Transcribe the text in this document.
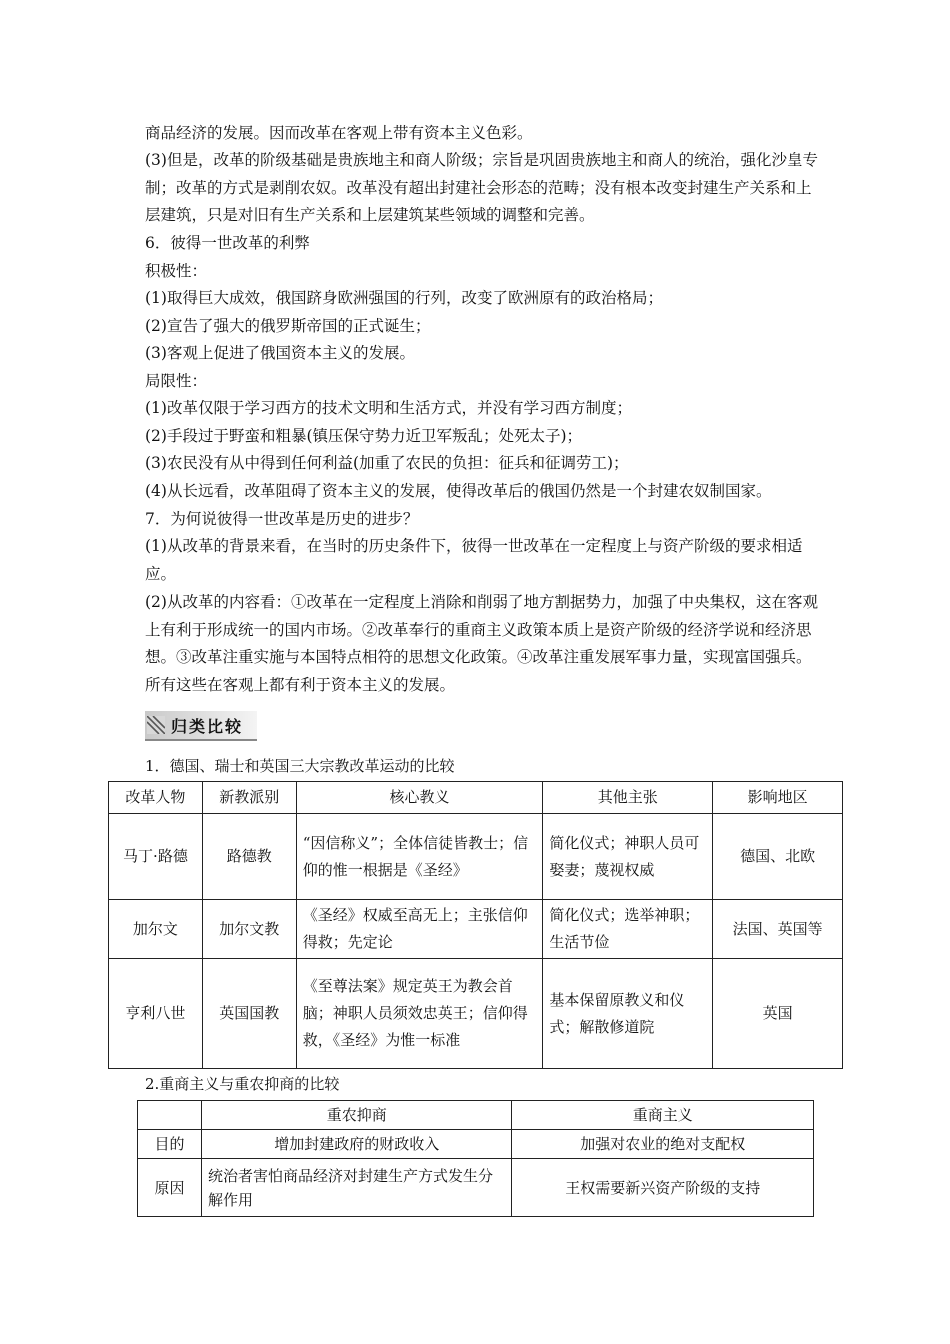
商品经济的发展。因而改革在客观上带有资本主义色彩。

(3)但是，改革的阶级基础是贵族地主和商人阶级；宗旨是巩固贵族地主和商人的统治，强化沙皇专制；改革的方式是剥削农奴。改革没有超出封建社会形态的范畴；没有根本改变封建生产关系和上层建筑，只是对旧有生产关系和上层建筑某些领域的调整和完善。

6．彼得一世改革的利弊

积极性：

(1)取得巨大成效，俄国跻身欧洲强国的行列，改变了欧洲原有的政治格局；

(2)宣告了强大的俄罗斯帝国的正式诞生；

(3)客观上促进了俄国资本主义的发展。

局限性：

(1)改革仅限于学习西方的技术文明和生活方式，并没有学习西方制度；

(2)手段过于野蛮和粗暴(镇压保守势力近卫军叛乱；处死太子)；

(3)农民没有从中得到任何利益(加重了农民的负担：征兵和征调劳工)；

(4)从长远看，改革阻碍了资本主义的发展，使得改革后的俄国仍然是一个封建农奴制国家。

7．为何说彼得一世改革是历史的进步？

(1)从改革的背景来看，在当时的历史条件下，彼得一世改革在一定程度上与资产阶级的要求相适应。

(2)从改革的内容看：①改革在一定程度上消除和削弱了地方割据势力，加强了中央集权，这在客观上有利于形成统一的国内市场。②改革奉行的重商主义政策本质上是资产阶级的经济学说和经济思想。③改革注重实施与本国特点相符的思想文化政策。④改革注重发展军事力量，实现富国强兵。所有这些在客观上都有利于资本主义的发展。

归类比较
1．德国、瑞士和英国三大宗教改革运动的比较
改革人物	新教派别	核心教义	其他主张	影响地区
马丁·路德	路德教	“因信称义”；全体信徒皆教士；信仰的惟一根据是《圣经》	简化仪式；神职人员可娶妻；蔑视权威	德国、北欧
加尔文	加尔文教	《圣经》权威至高无上；主张信仰得救；先定论	简化仪式；选举神职；生活节俭	法国、英国等
亨利八世	英国国教	《至尊法案》规定英王为教会首脑；神职人员须效忠英王；信仰得救，《圣经》为惟一标准	基本保留原教义和仪式；解散修道院	英国
2.重商主义与重农抑商的比较
	重农抑商	重商主义
目的	增加封建政府的财政收入	加强对农业的绝对支配权
原因	统治者害怕商品经济对封建生产方式发生分解作用	王权需要新兴资产阶级的支持
